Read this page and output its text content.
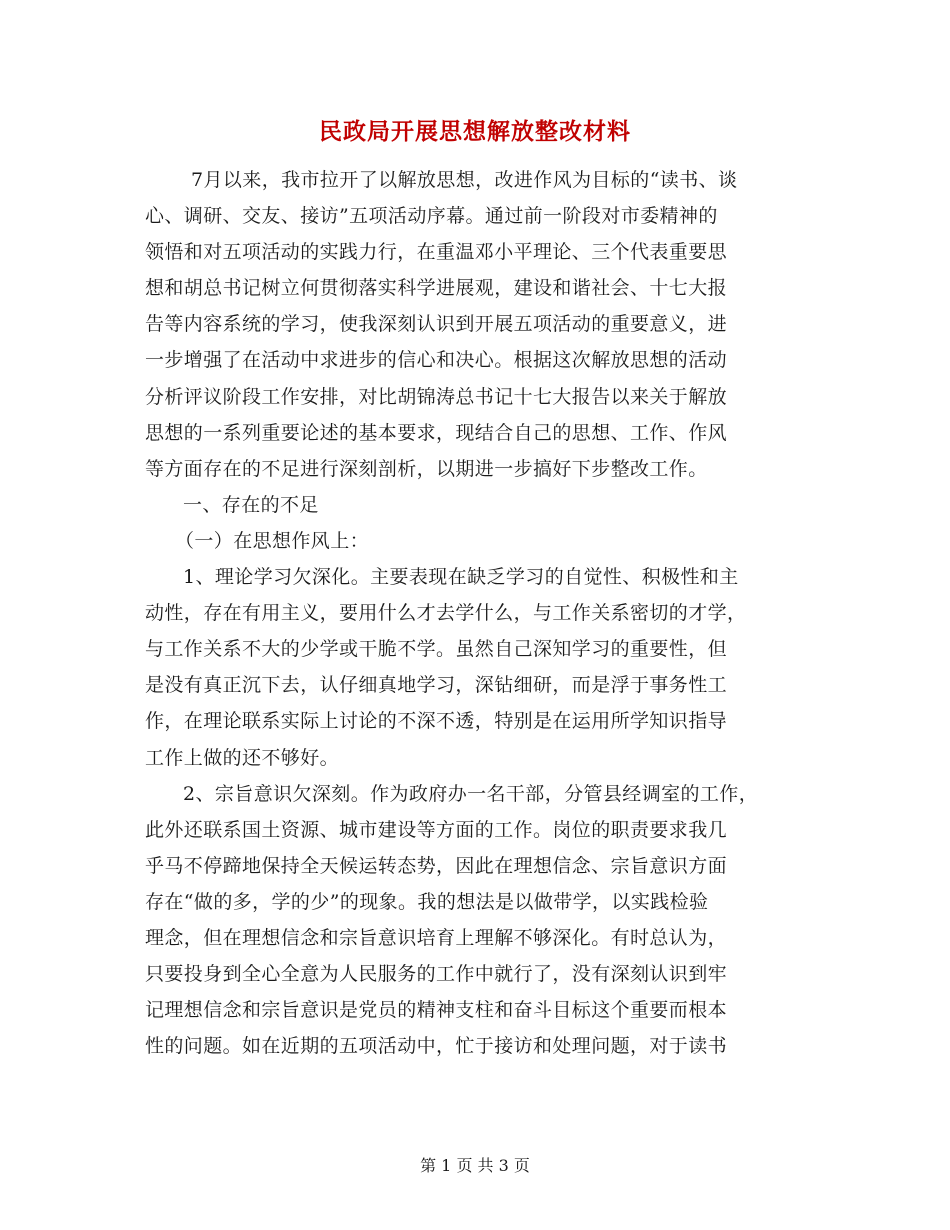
民政局开展思想解放整改材料
7月以来，我市拉开了以解放思想，改进作风为目标的“读书、谈
心、调研、交友、接访”五项活动序幕。通过前一阶段对市委精神的
领悟和对五项活动的实践力行，在重温邓小平理论、三个代表重要思
想和胡总书记树立何贯彻落实科学进展观，建设和谐社会、十七大报
告等内容系统的学习，使我深刻认识到开展五项活动的重要意义，进
一步增强了在活动中求进步的信心和决心。根据这次解放思想的活动
分析评议阶段工作安排，对比胡锦涛总书记十七大报告以来关于解放
思想的一系列重要论述的基本要求，现结合自己的思想、工作、作风
等方面存在的不足进行深刻剖析，以期进一步搞好下步整改工作。
一、存在的不足
（一）在思想作风上：
1、理论学习欠深化。主要表现在缺乏学习的自觉性、积极性和主
动性，存在有用主义，要用什么才去学什么，与工作关系密切的才学，
与工作关系不大的少学或干脆不学。虽然自己深知学习的重要性，但
是没有真正沉下去，认仔细真地学习，深钻细研，而是浮于事务性工
作，在理论联系实际上讨论的不深不透，特别是在运用所学知识指导
工作上做的还不够好。
2、宗旨意识欠深刻。作为政府办一名干部，分管县经调室的工作，
此外还联系国土资源、城市建设等方面的工作。岗位的职责要求我几
乎马不停蹄地保持全天候运转态势，因此在理想信念、宗旨意识方面
存在“做的多，学的少”的现象。我的想法是以做带学，以实践检验
理念，但在理想信念和宗旨意识培育上理解不够深化。有时总认为，
只要投身到全心全意为人民服务的工作中就行了，没有深刻认识到牢
记理想信念和宗旨意识是党员的精神支柱和奋斗目标这个重要而根本
性的问题。如在近期的五项活动中，忙于接访和处理问题，对于读书
第 1 页 共 3 页
